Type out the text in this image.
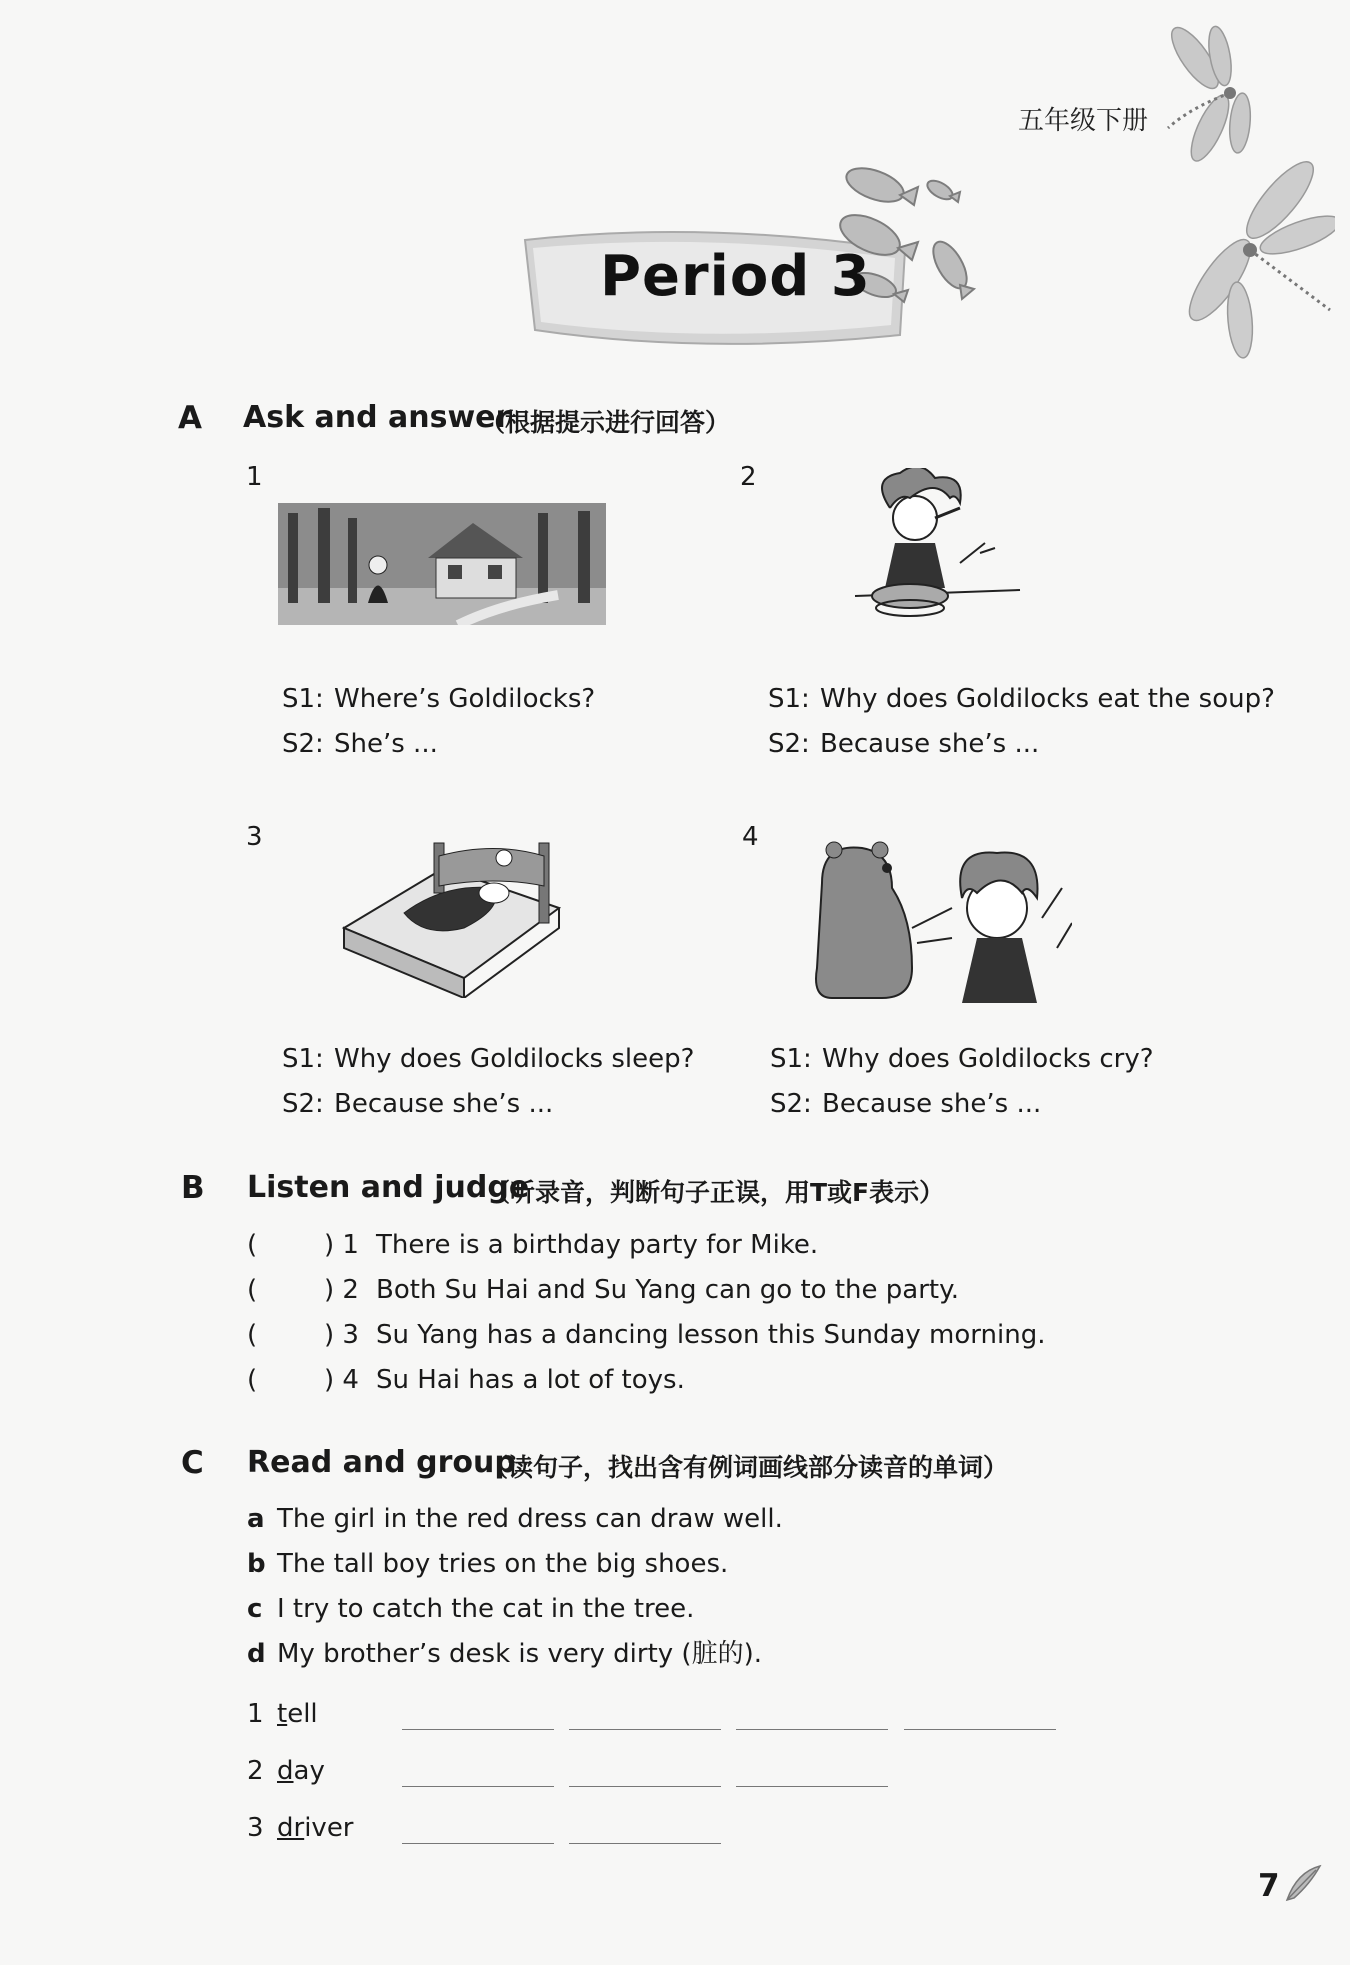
五年级下册
Period 3
A Ask and answer
（根据提示进行回答）
1	2
3	4
S1: Where’s Goldilocks?
S2: She’s ...
S1: Why does Goldilocks eat the soup?
S2: Because she’s ...
S1: Why does Goldilocks sleep?
S2: Because she’s ...
S1: Why does Goldilocks cry?
S2: Because she’s ...
B Listen and judge
（听录音，判断句子正误，用T或F表示）
(	) 1 There is a birthday party for Mike.
(	) 2 Both Su Hai and Su Yang can go to the party.
(	) 3 Su Yang has a dancing lesson this Sunday morning.
(	) 4 Su Hai has a lot of toys.
C Read and group
（读句子，找出含有例词画线部分读音的单词）
a The girl in the red dress can draw well.
b The tall boy tries on the big shoes.
c I try to catch the cat in the tree.
d My brother’s desk is very dirty (脏的).
1 tell
2 day
3 driver
7
